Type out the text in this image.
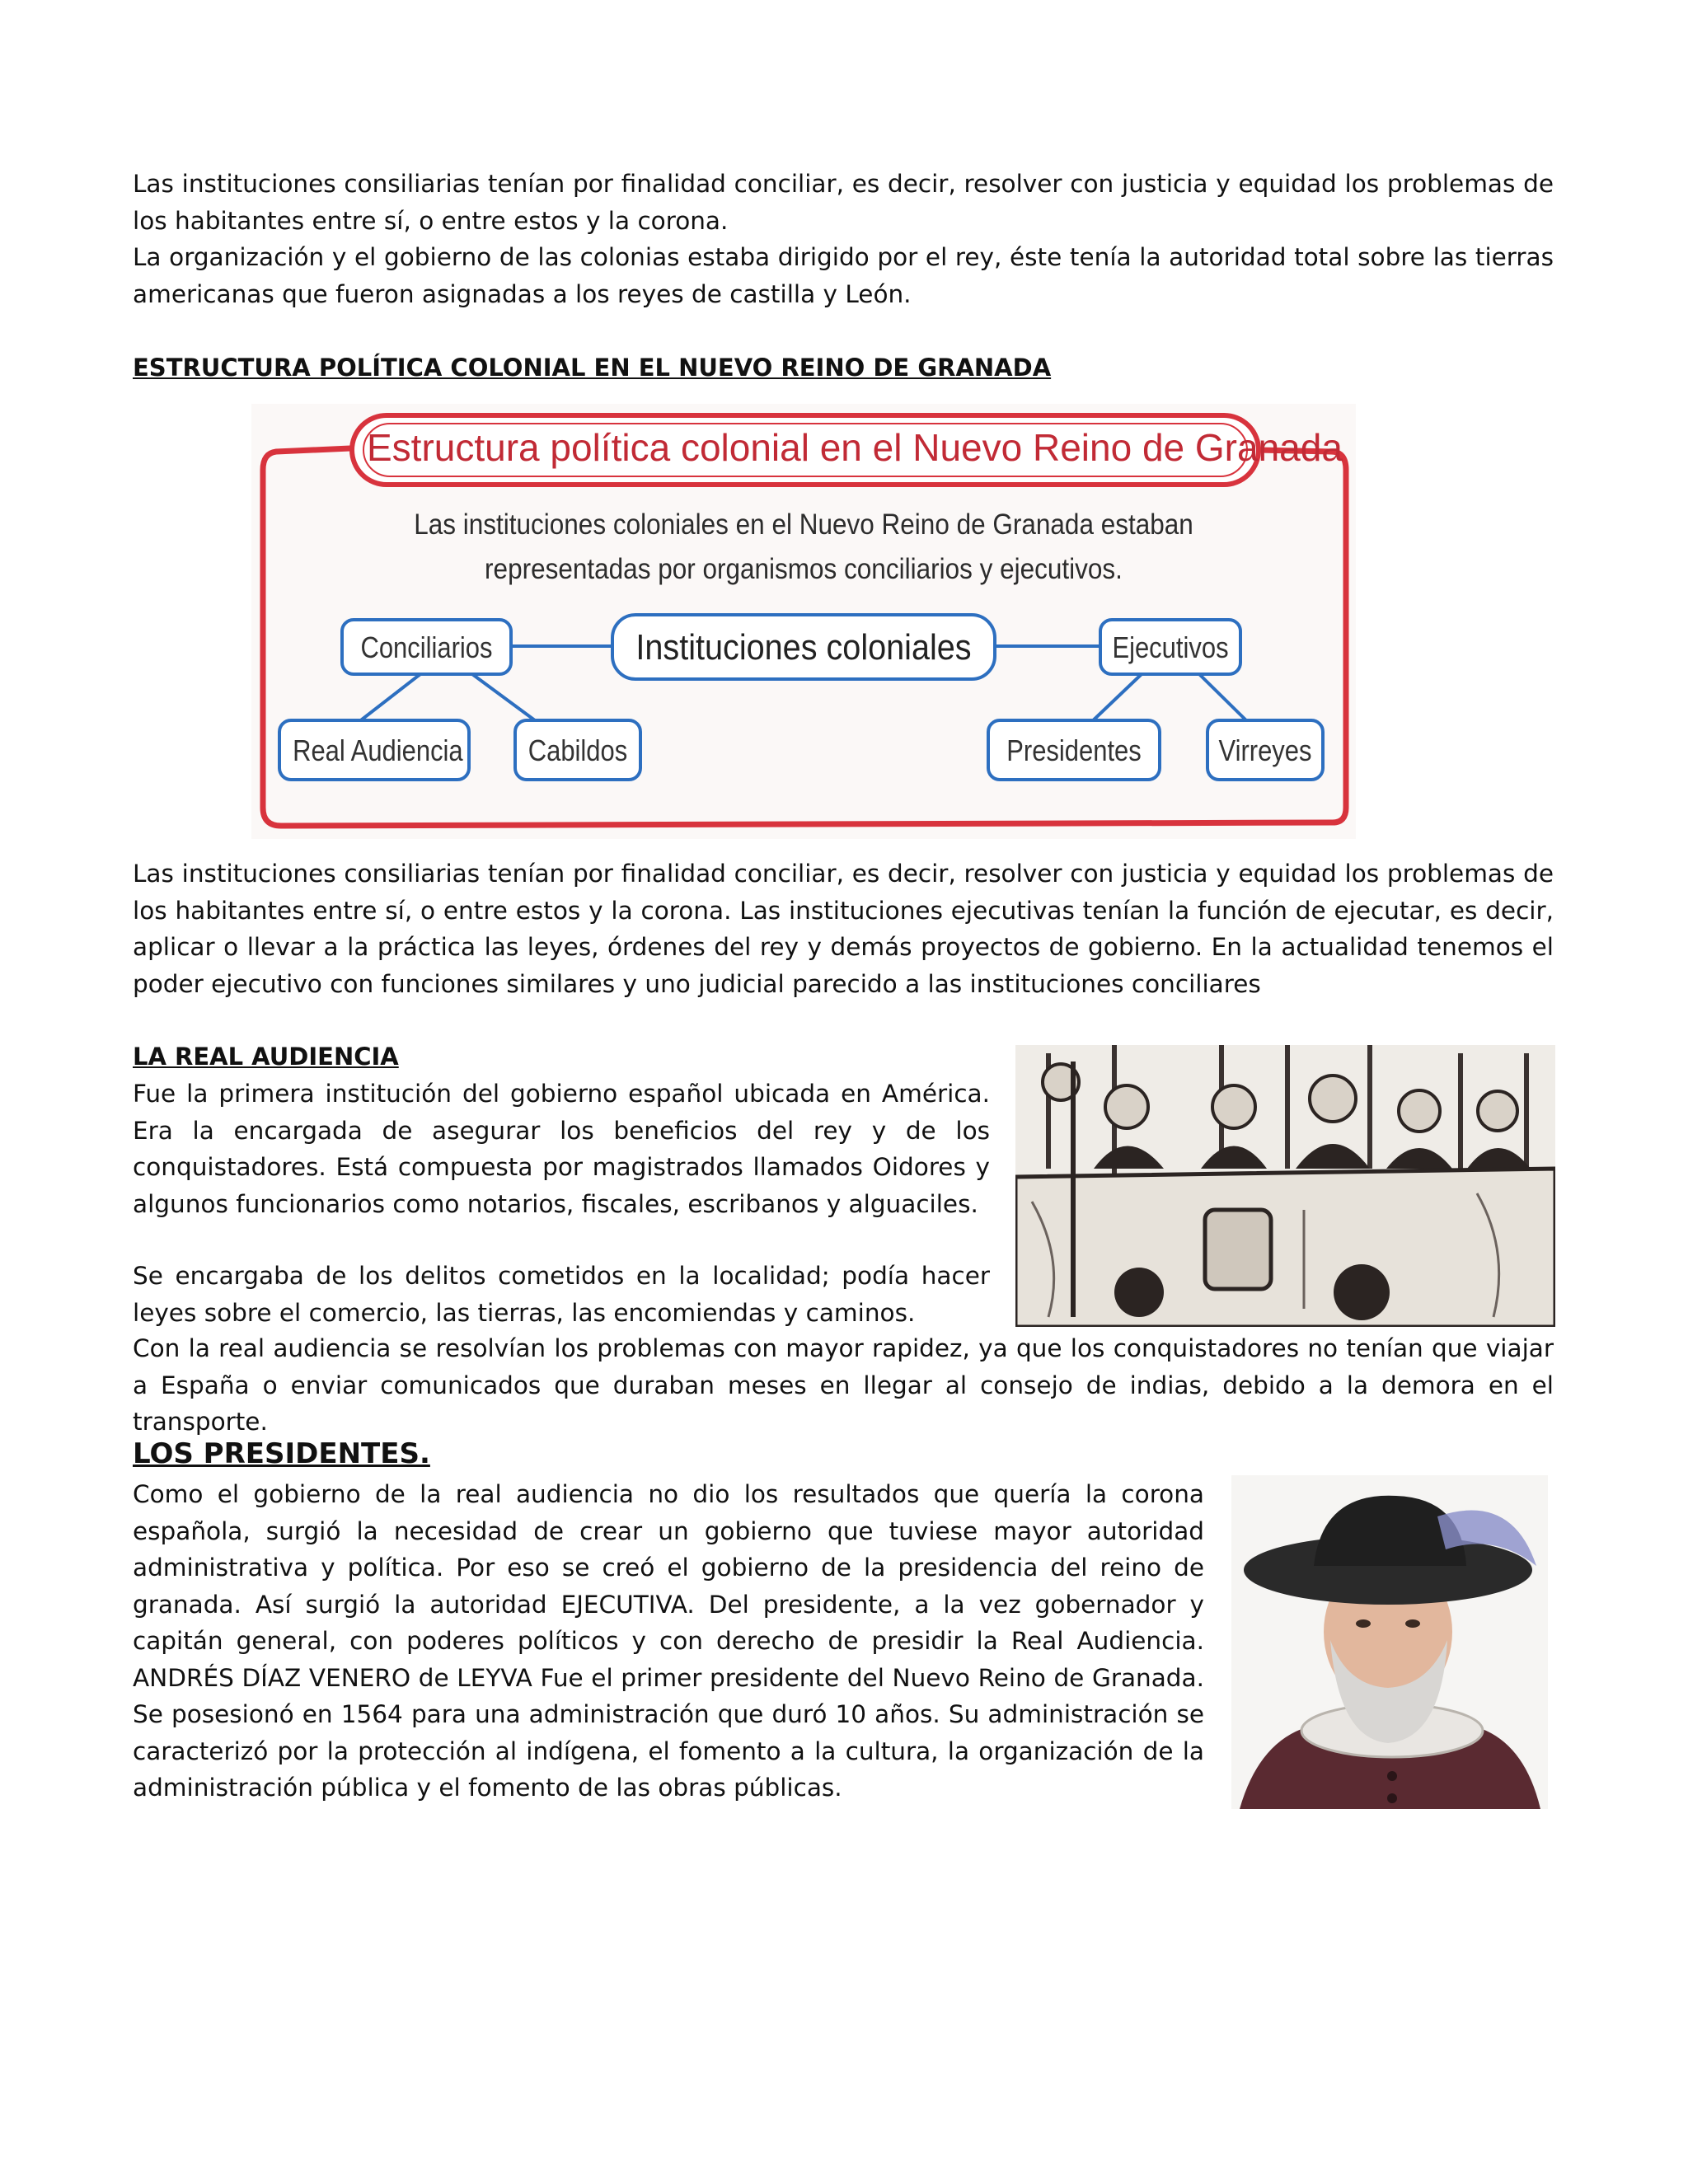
Las instituciones consiliarias tenían por finalidad conciliar, es decir, resolver con justicia y equidad los problemas de los habitantes entre sí, o entre estos y la corona.

La organización y el gobierno de las colonias estaba dirigido por el rey, éste tenía la autoridad total sobre las tierras americanas que fueron asignadas a los reyes de castilla y León.

ESTRUCTURA POLÍTICA COLONIAL EN EL NUEVO REINO DE GRANADA
Estructura política colonial en el Nuevo Reino de Granada
Las instituciones coloniales en el Nuevo Reino de Granada estaban representadas por organismos conciliarios y ejecutivos.
Conciliarios	Instituciones coloniales	Ejecutivos
Real Audiencia Cabildos	Presidentes	Virreyes

Las instituciones consiliarias tenían por finalidad conciliar, es decir, resolver con justicia y equidad los problemas de los habitantes entre sí, o entre estos y la corona. Las instituciones ejecutivas tenían la función de ejecutar, es decir, aplicar o llevar a la práctica las leyes, órdenes del rey y demás proyectos de gobierno. En la actualidad tenemos el poder ejecutivo con funciones similares y uno judicial parecido a las instituciones conciliares

LA REAL AUDIENCIA

Fue la primera institución del gobierno español ubicada en América. Era la encargada de asegurar los beneficios del rey y de los conquistadores. Está compuesta por magistrados llamados Oidores y algunos funcionarios como notarios, fiscales, escribanos y alguaciles.

Se encargaba de los delitos cometidos en la localidad; podía hacer leyes sobre el comercio, las tierras, las encomiendas y caminos.

Con la real audiencia se resolvían los problemas con mayor rapidez, ya que los conquistadores no tenían que viajar a España o enviar comunicados que duraban meses en llegar al consejo de indias, debido a la demora en el transporte.

LOS PRESIDENTES.

Como el gobierno de la real audiencia no dio los resultados que quería la corona española, surgió la necesidad de crear un gobierno que tuviese mayor autoridad administrativa y política. Por eso se creó el gobierno de la presidencia del reino de granada. Así surgió la autoridad EJECUTIVA. Del presidente, a la vez gobernador y capitán general, con poderes políticos y con derecho de presidir la Real Audiencia. ANDRÉS DÍAZ VENERO de LEYVA Fue el primer presidente del Nuevo Reino de Granada. Se posesionó en 1564 para una administración que duró 10 años. Su administración se caracterizó por la protección al indígena, el fomento a la cultura, la organización de la administración pública y el fomento de las obras públicas.
